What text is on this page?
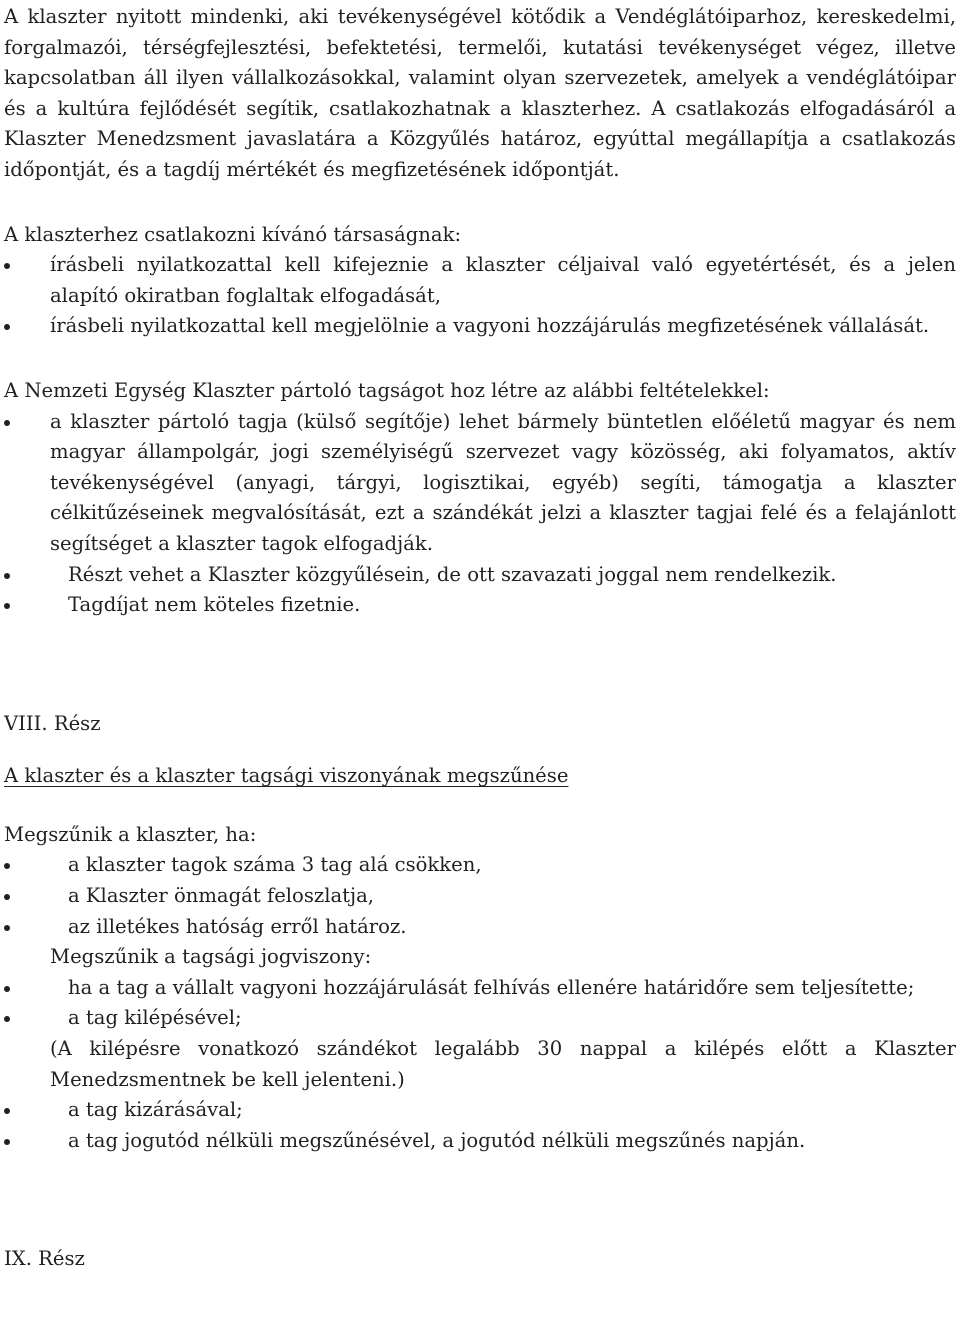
A klaszter nyitott mindenki, aki tevékenységével kötődik a Vendéglátóiparhoz, kereskedelmi, forgalmazói, térségfejlesztési, befektetési, termelői, kutatási tevékenységet végez, illetve kapcsolatban áll ilyen vállalkozásokkal, valamint olyan szervezetek, amelyek a vendéglátóipar és a kultúra fejlődését segítik, csatlakozhatnak a klaszterhez. A csatlakozás elfogadásáról a Klaszter Menedzsment javaslatára a Közgyűlés határoz, egyúttal megállapítja a csatlakozás időpontját, és a tagdíj mértékét és megfizetésének időpontját.

A klaszterhez csatlakozni kívánó társaságnak:

írásbeli nyilatkozattal kell kifejeznie a klaszter céljaival való egyetértését, és a jelen alapító okiratban foglaltak elfogadását,
írásbeli nyilatkozattal kell megjelölnie a vagyoni hozzájárulás megfizetésének vállalását.

A Nemzeti Egység Klaszter pártoló tagságot hoz létre az alábbi feltételekkel:

a klaszter pártoló tagja (külső segítője) lehet bármely büntetlen előéletű magyar és nem magyar állampolgár, jogi személyiségű szervezet vagy közösség, aki folyamatos, aktív tevékenységével (anyagi, tárgyi, logisztikai, egyéb) segíti, támogatja a klaszter célkitűzéseinek megvalósítását, ezt a szándékát jelzi a klaszter tagjai felé és a felajánlott segítséget a klaszter tagok elfogadják.
Részt vehet a Klaszter közgyűlésein, de ott szavazati joggal nem rendelkezik.
Tagdíjat nem köteles fizetnie.

VIII. Rész

A klaszter és a klaszter tagsági viszonyának megszűnése

Megszűnik a klaszter, ha:

a klaszter tagok száma 3 tag alá csökken,
a Klaszter önmagát feloszlatja,
az illetékes hatóság erről határoz.

Megszűnik a tagsági jogviszony:

ha a tag a vállalt vagyoni hozzájárulását felhívás ellenére határidőre sem teljesítette;
a tag kilépésével;

(A kilépésre vonatkozó szándékot legalább 30 nappal a kilépés előtt a Klaszter Menedzsmentnek be kell jelenteni.)

a tag kizárásával;
a tag jogutód nélküli megszűnésével, a jogutód nélküli megszűnés napján.

IX. Rész
